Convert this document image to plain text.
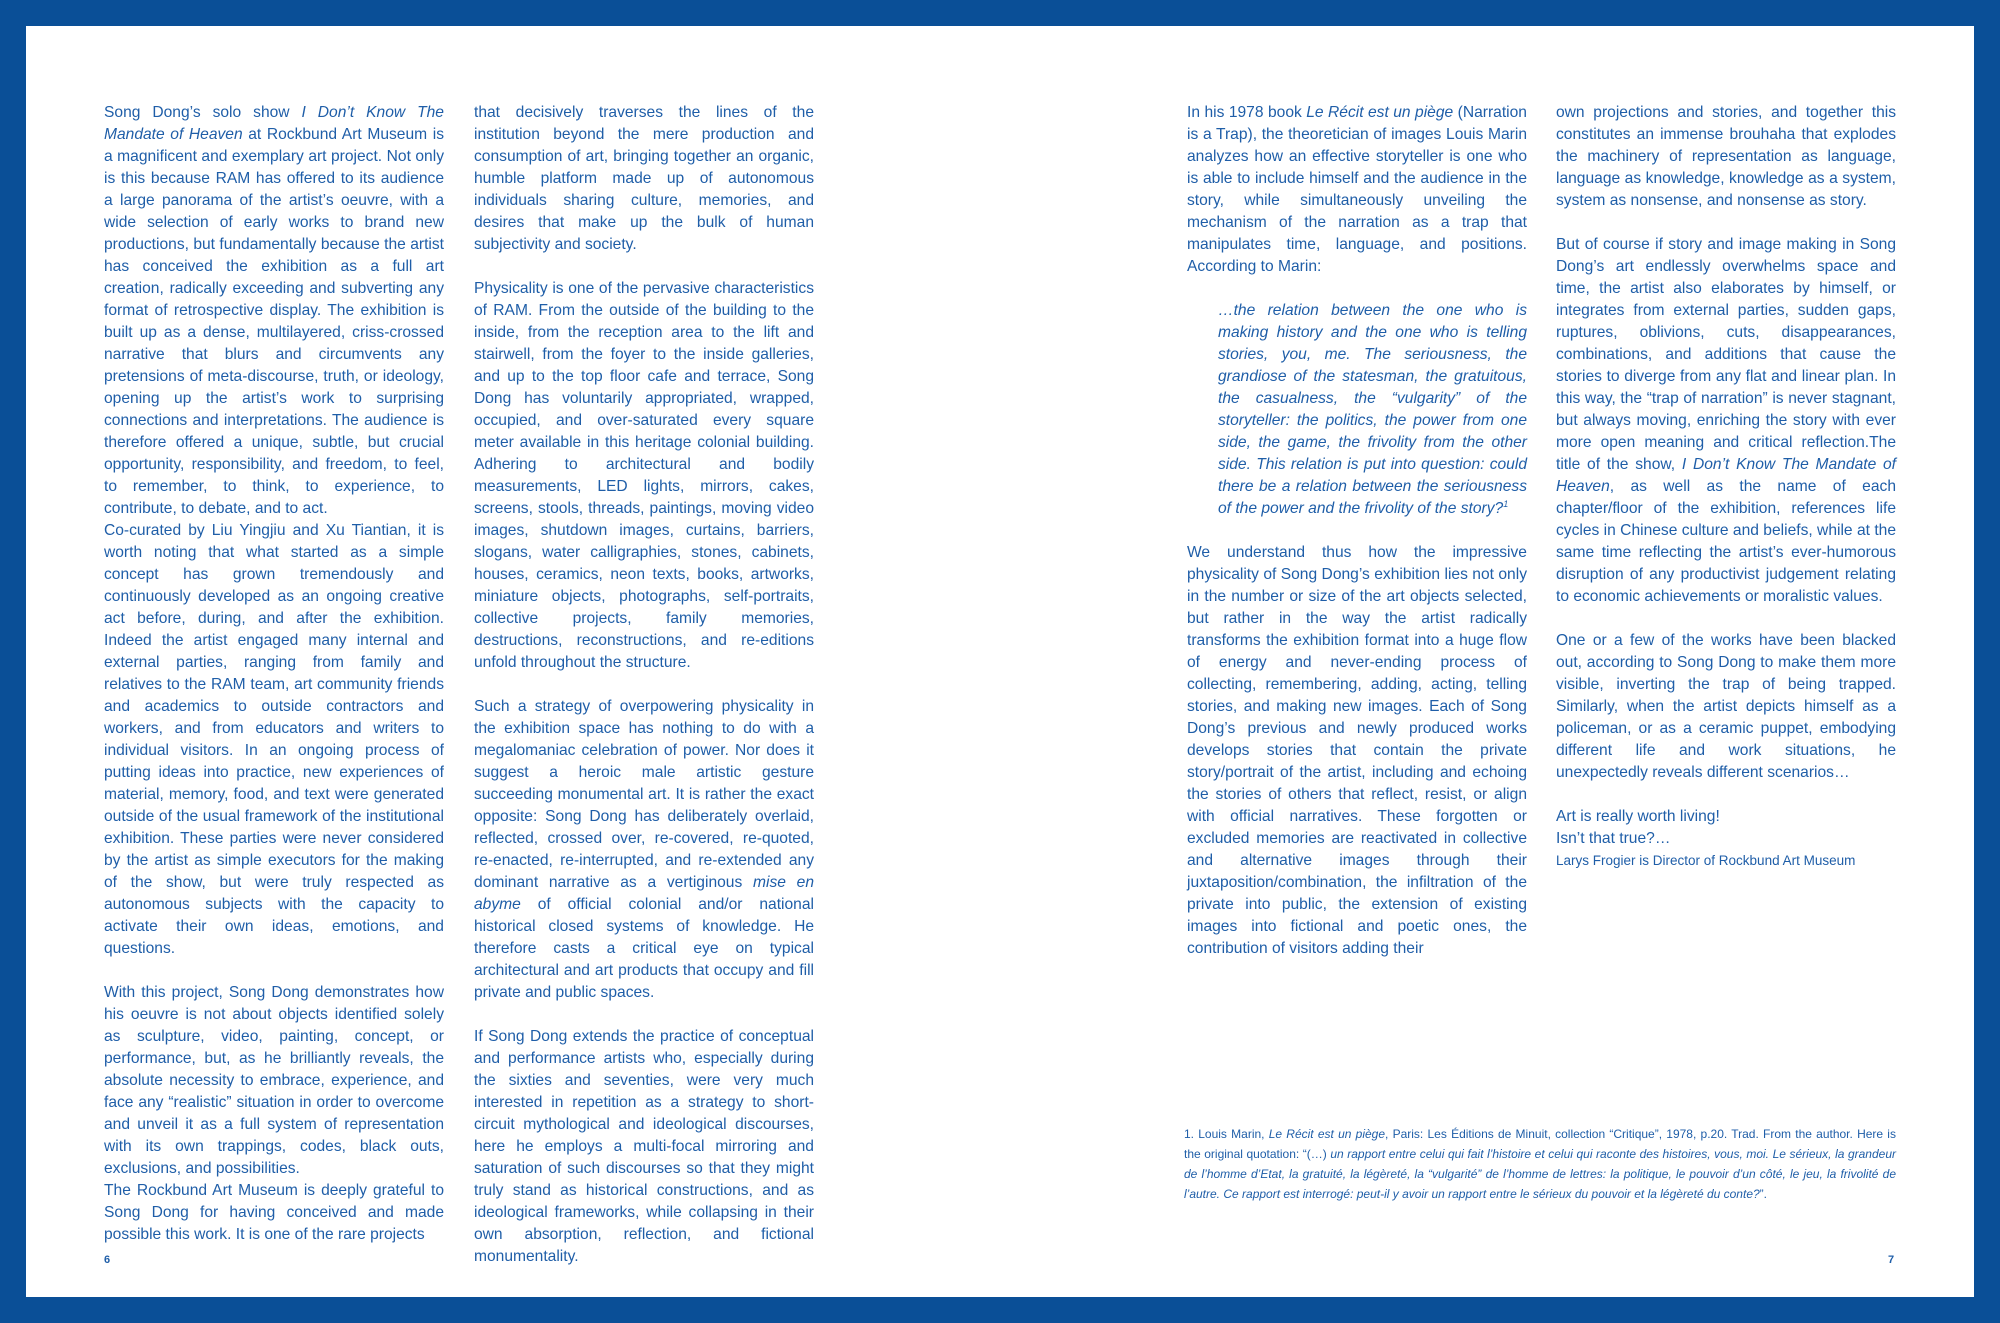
Song Dong’s solo show I Don’t Know The Mandate of Heaven at Rockbund Art Museum is a magnificent and exemplary art project. Not only is this because RAM has offered to its audience a large panorama of the artist’s oeuvre, with a wide selection of early works to brand new productions, but fundamentally because the artist has conceived the exhibition as a full art creation, radically exceeding and subverting any format of retrospective display. The exhibition is built up as a dense, multilayered, criss-crossed narrative that blurs and circumvents any pretensions of meta-discourse, truth, or ideology, opening up the artist’s work to surprising connections and interpretations. The audience is therefore offered a unique, subtle, but crucial opportunity, responsibility, and freedom, to feel, to remember, to think, to experience, to contribute, to debate, and to act.

Co-curated by Liu Yingjiu and Xu Tiantian, it is worth noting that what started as a simple concept has grown tremendously and continuously developed as an ongoing creative act before, during, and after the exhibition. Indeed the artist engaged many internal and external parties, ranging from family and relatives to the RAM team, art community friends and academics to outside contractors and workers, and from educators and writers to individual visitors. In an ongoing process of putting ideas into practice, new experiences of material, memory, food, and text were generated outside of the usual framework of the institutional exhibition. These parties were never considered by the artist as simple executors for the making of the show, but were truly respected as autonomous subjects with the capacity to activate their own ideas, emotions, and questions.

With this project, Song Dong demonstrates how his oeuvre is not about objects identified solely as sculpture, video, painting, concept, or performance, but, as he brilliantly reveals, the absolute necessity to embrace, experience, and face any “realistic” situation in order to overcome and unveil it as a full system of representation with its own trappings, codes, black outs, exclusions, and possibilities.

The Rockbund Art Museum is deeply grateful to Song Dong for having conceived and made possible this work. It is one of the rare projects

that decisively traverses the lines of the institution beyond the mere production and consumption of art, bringing together an organic, humble platform made up of autonomous individuals sharing culture, memories, and desires that make up the bulk of human subjectivity and society.

Physicality is one of the pervasive characteristics of RAM. From the outside of the building to the inside, from the reception area to the lift and stairwell, from the foyer to the inside galleries, and up to the top floor cafe and terrace, Song Dong has voluntarily appropriated, wrapped, occupied, and over-saturated every square meter available in this heritage colonial building. Adhering to architectural and bodily measurements, LED lights, mirrors, cakes, screens, stools, threads, paintings, moving video images, shutdown images, curtains, barriers, slogans, water calligraphies, stones, cabinets, houses, ceramics, neon texts, books, artworks, miniature objects, photographs, self-portraits, collective projects, family memories, destructions, reconstructions, and re-editions unfold throughout the structure.

Such a strategy of overpowering physicality in the exhibition space has nothing to do with a megalomaniac celebration of power. Nor does it suggest a heroic male artistic gesture succeeding monumental art. It is rather the exact opposite: Song Dong has deliberately overlaid, reflected, crossed over, re-covered, re-quoted, re-enacted, re-interrupted, and re-extended any dominant narrative as a vertiginous mise en abyme of official colonial and/or national historical closed systems of knowledge. He therefore casts a critical eye on typical architectural and art products that occupy and fill private and public spaces.

If Song Dong extends the practice of conceptual and performance artists who, especially during the sixties and seventies, were very much interested in repetition as a strategy to short-circuit mythological and ideological discourses, here he employs a multi-focal mirroring and saturation of such discourses so that they might truly stand as historical constructions, and as ideological frameworks, while collapsing in their own absorption, reflection, and fictional monumentality.

In his 1978 book Le Récit est un piège (Narration is a Trap), the theoretician of images Louis Marin analyzes how an effective storyteller is one who is able to include himself and the audience in the story, while simultaneously unveiling the mechanism of the narration as a trap that manipulates time, language, and positions. According to Marin:

…the relation between the one who is making history and the one who is telling stories, you, me. The seriousness, the grandiose of the statesman, the gratuitous, the casualness, the “vulgarity” of the storyteller: the politics, the power from one side, the game, the frivolity from the other side. This relation is put into question: could there be a relation between the seriousness of the power and the frivolity of the story?$^1$

We understand thus how the impressive physicality of Song Dong’s exhibition lies not only in the number or size of the art objects selected, but rather in the way the artist radically transforms the exhibition format into a huge flow of energy and never-ending process of collecting, remembering, adding, acting, telling stories, and making new images. Each of Song Dong’s previous and newly produced works develops stories that contain the private story/portrait of the artist, including and echoing the stories of others that reflect, resist, or align with official narratives. These forgotten or excluded memories are reactivated in collective and alternative images through their juxtaposition/combination, the infiltration of the private into public, the extension of existing images into fictional and poetic ones, the contribution of visitors adding their

own projections and stories, and together this constitutes an immense brouhaha that explodes the machinery of representation as language, language as knowledge, knowledge as a system, system as nonsense, and nonsense as story.

But of course if story and image making in Song Dong’s art endlessly overwhelms space and time, the artist also elaborates by himself, or integrates from external parties, sudden gaps, ruptures, oblivions, cuts, disappearances, combinations, and additions that cause the stories to diverge from any flat and linear plan. In this way, the “trap of narration” is never stagnant, but always moving, enriching the story with ever more open meaning and critical reflection.The title of the show, I Don’t Know The Mandate of Heaven, as well as the name of each chapter/floor of the exhibition, references life cycles in Chinese culture and beliefs, while at the same time reflecting the artist’s ever-humorous disruption of any productivist judgement relating to economic achievements or moralistic values.

One or a few of the works have been blacked out, according to Song Dong to make them more visible, inverting the trap of being trapped. Similarly, when the artist depicts himself as a policeman, or as a ceramic puppet, embodying different life and work situations, he unexpectedly reveals different scenarios…

Art is really worth living!

Isn’t that true?…

Larys Frogier is Director of Rockbund Art Museum

1. Louis Marin, Le Récit est un piège, Paris: Les Éditions de Minuit, collection “Critique”, 1978, p.20. Trad. From the author. Here is the original quotation: “(…) un rapport entre celui qui fait l’histoire et celui qui raconte des histoires, vous, moi. Le sérieux, la grandeur de l’homme d’Etat, la gratuité, la légèreté, la “vulgarité” de l’homme de lettres: la politique, le pouvoir d’un côté, le jeu, la frivolité de l’autre. Ce rapport est interrogé: peut-il y avoir un rapport entre le sérieux du pouvoir et la légèreté du conte?”.
6	7
